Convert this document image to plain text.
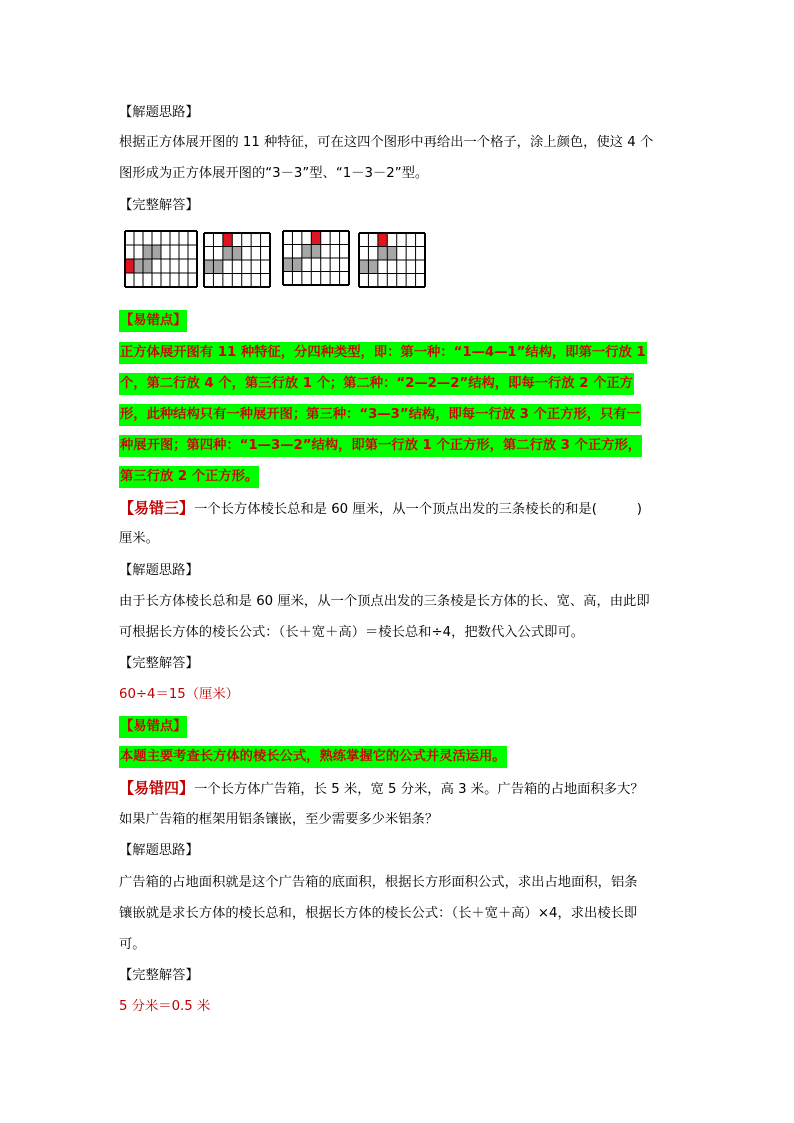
【解题思路】
根据正方体展开图的 11 种特征，可在这四个图形中再给出一个格子，涂上颜色，使这 4 个
图形成为正方体展开图的“3－3”型、“1－3－2”型。
【完整解答】
【易错点】
正方体展开图有 11 种特征，分四种类型，即：第一种：“1—4—1”结构，即第一行放 1
个，第二行放 4 个，第三行放 1 个；第二种：“2—2—2”结构，即每一行放 2 个正方
形，此种结构只有一种展开图；第三种：“3—3”结构，即每一行放 3 个正方形，只有一
种展开图；第四种：“1—3—2”结构，即第一行放 1 个正方形，第二行放 3 个正方形，
第三行放 2 个正方形。
【易错三】一个长方体棱长总和是 60 厘米，从一个顶点出发的三条棱长的和是(　　　)
厘米。
【解题思路】
由于长方体棱长总和是 60 厘米，从一个顶点出发的三条棱是长方体的长、宽、高，由此即
可根据长方体的棱长公式：（长＋宽＋高）＝棱长总和÷4，把数代入公式即可。
【完整解答】
60÷4＝15（厘米）
【易错点】
本题主要考查长方体的棱长公式，熟练掌握它的公式并灵活运用。
【易错四】一个长方体广告箱，长 5 米，宽 5 分米，高 3 米。广告箱的占地面积多大？
如果广告箱的框架用铝条镶嵌，至少需要多少米铝条？
【解题思路】
广告箱的占地面积就是这个广告箱的底面积，根据长方形面积公式，求出占地面积，铝条
镶嵌就是求长方体的棱长总和，根据长方体的棱长公式：（长＋宽＋高）×4，求出棱长即
可。
【完整解答】
5 分米＝0.5 米
